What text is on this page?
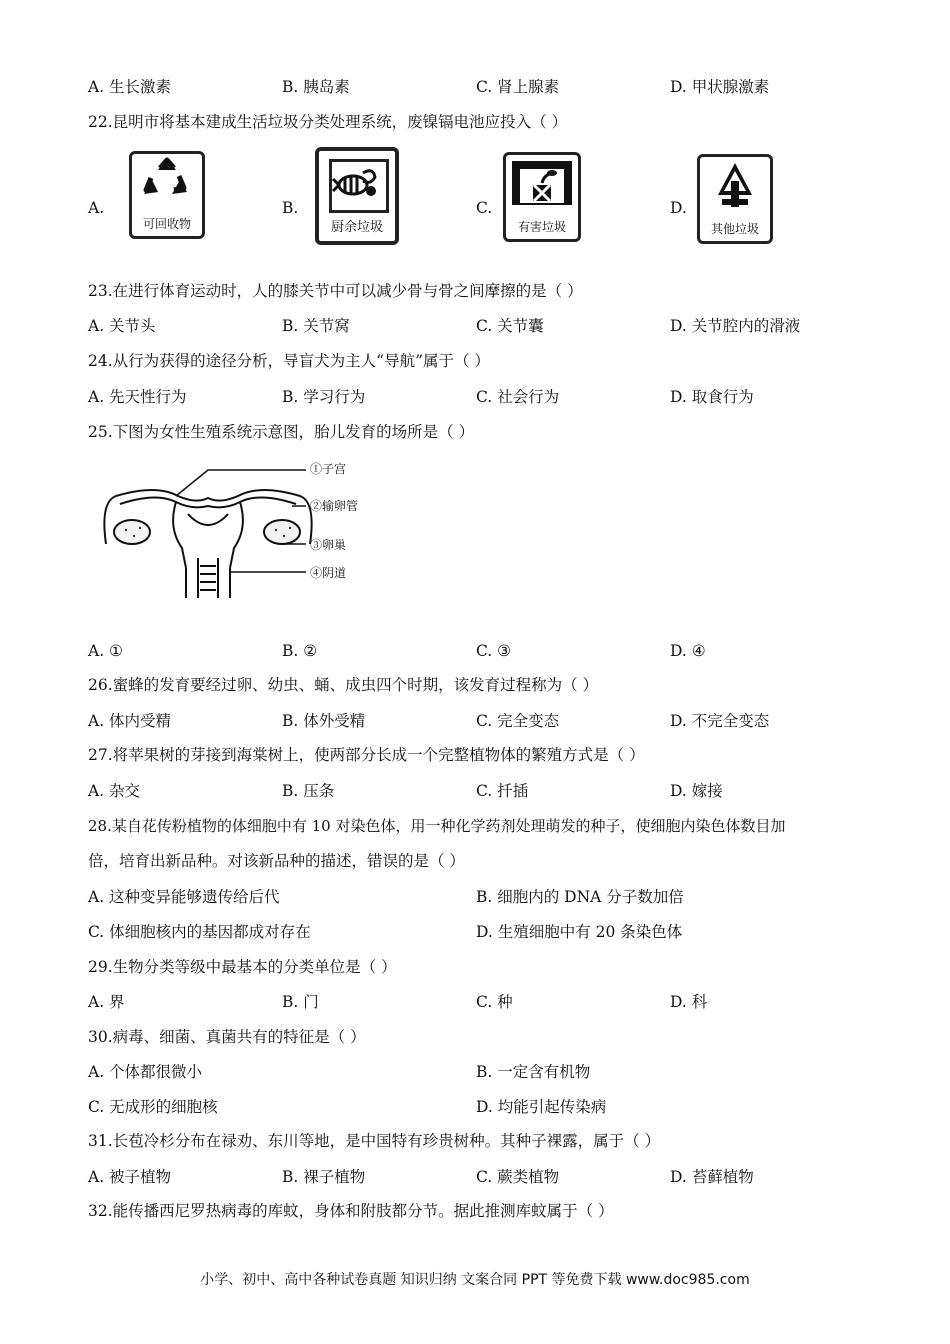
A. 生长激素	B. 胰岛素	C. 肾上腺素	D. 甲状腺激素
22.昆明市将基本建成生活垃圾分类处理系统，废镍镉电池应投入（ ）
A.	B.	C.	D.
可回收物	厨余垃圾	有害垃圾	其他垃圾
23.在进行体育运动时，人的膝关节中可以减少骨与骨之间摩擦的是（ ）
A. 关节头	B. 关节窝	C. 关节囊	D. 关节腔内的滑液
24.从行为获得的途径分析，导盲犬为主人“导航”属于（ ）
A. 先天性行为	B. 学习行为	C. 社会行为	D. 取食行为
25.下图为女性生殖系统示意图，胎儿发育的场所是（ ）
①子宫
②输卵管
③卵巢
④阴道
A. ①	B. ②	C. ③	D. ④
26.蜜蜂的发育要经过卵、幼虫、蛹、成虫四个时期，该发育过程称为（ ）
A. 体内受精	B. 体外受精	C. 完全变态	D. 不完全变态
27.将苹果树的芽接到海棠树上，使两部分长成一个完整植物体的繁殖方式是（ ）
A. 杂交	B. 压条	C. 扦插	D. 嫁接
28.某自花传粉植物的体细胞中有 10 对染色体，用一种化学药剂处理萌发的种子，使细胞内染色体数目加
倍，培育出新品种。对该新品种的描述，错误的是（ ）
A. 这种变异能够遗传给后代	B. 细胞内的 DNA 分子数加倍
C. 体细胞核内的基因都成对存在	D. 生殖细胞中有 20 条染色体
29.生物分类等级中最基本的分类单位是（ ）
A. 界	B. 门	C. 种	D. 科
30.病毒、细菌、真菌共有的特征是（ ）
A. 个体都很微小	B. 一定含有机物
C. 无成形的细胞核	D. 均能引起传染病
31.长苞冷杉分布在禄劝、东川等地，是中国特有珍贵树种。其种子裸露，属于（ ）
A. 被子植物	B. 裸子植物	C. 蕨类植物	D. 苔藓植物
32.能传播西尼罗热病毒的库蚊，身体和附肢都分节。据此推测库蚊属于（ ）
小学、初中、高中各种试卷真题 知识归纳 文案合同 PPT 等免费下载 www.doc985.com
